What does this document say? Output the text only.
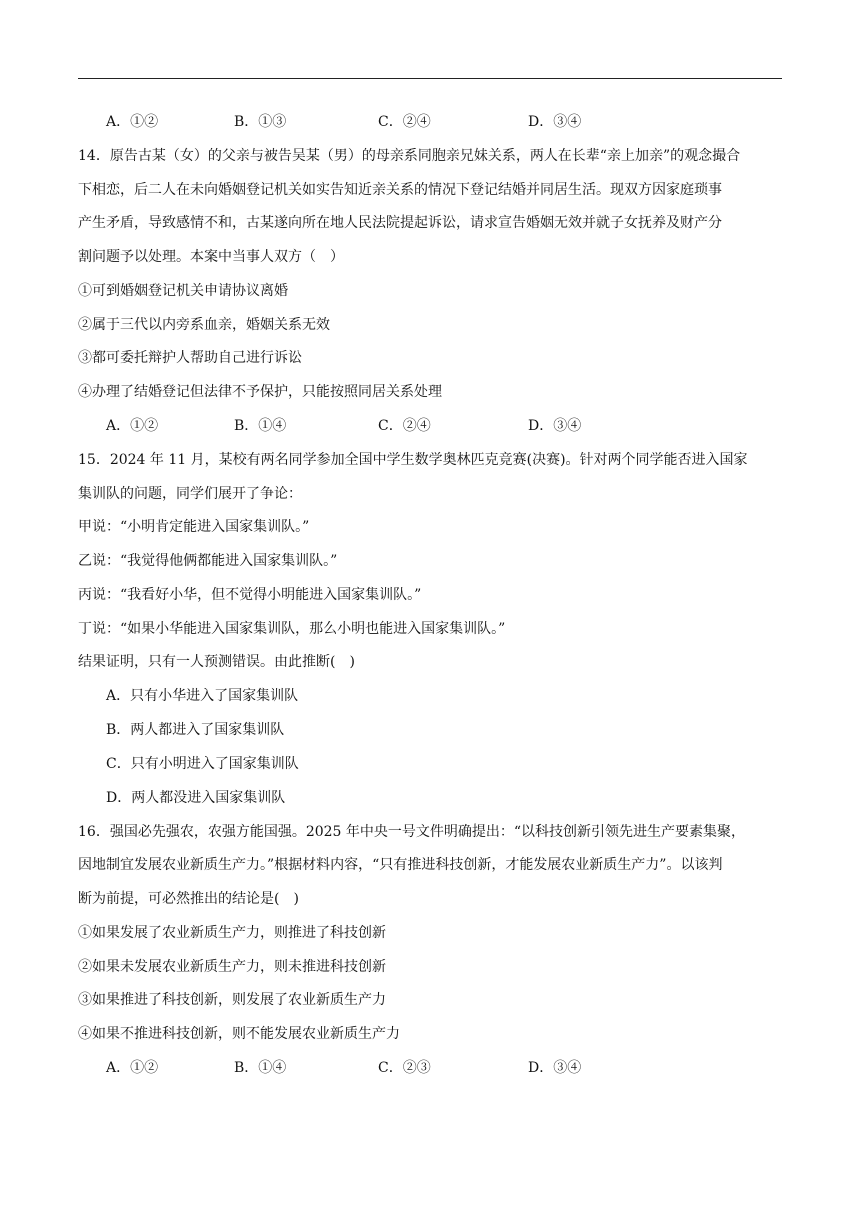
A．①②	B．①③	C．②④	D．③④
14．原告古某（女）的父亲与被告吴某（男）的母亲系同胞亲兄妹关系，两人在长辈“亲上加亲”的观念撮合
下相恋，后二人在未向婚姻登记机关如实告知近亲关系的情况下登记结婚并同居生活。现双方因家庭琐事
产生矛盾，导致感情不和，古某遂向所在地人民法院提起诉讼，请求宣告婚姻无效并就子女抚养及财产分
割问题予以处理。本案中当事人双方（　）
①可到婚姻登记机关申请协议离婚
②属于三代以内旁系血亲，婚姻关系无效
③都可委托辩护人帮助自己进行诉讼
④办理了结婚登记但法律不予保护，只能按照同居关系处理
A．①②	B．①④	C．②④	D．③④
15．2024 年 11 月，某校有两名同学参加全国中学生数学奥林匹克竞赛(决赛)。针对两个同学能否进入国家
集训队的问题，同学们展开了争论：
甲说：“小明肯定能进入国家集训队。”
乙说：“我觉得他俩都能进入国家集训队。”
丙说：“我看好小华，但不觉得小明能进入国家集训队。”
丁说：“如果小华能进入国家集训队，那么小明也能进入国家集训队。”
结果证明，只有一人预测错误。由此推断(　)
A．只有小华进入了国家集训队
B．两人都进入了国家集训队
C．只有小明进入了国家集训队
D．两人都没进入国家集训队
16．强国必先强农，农强方能国强。2025 年中央一号文件明确提出：“以科技创新引领先进生产要素集聚，
因地制宜发展农业新质生产力。”根据材料内容，“只有推进科技创新，才能发展农业新质生产力”。以该判
断为前提，可必然推出的结论是(　)
①如果发展了农业新质生产力，则推进了科技创新
②如果未发展农业新质生产力，则未推进科技创新
③如果推进了科技创新，则发展了农业新质生产力
④如果不推进科技创新，则不能发展农业新质生产力
A．①②	B．①④	C．②③	D．③④
